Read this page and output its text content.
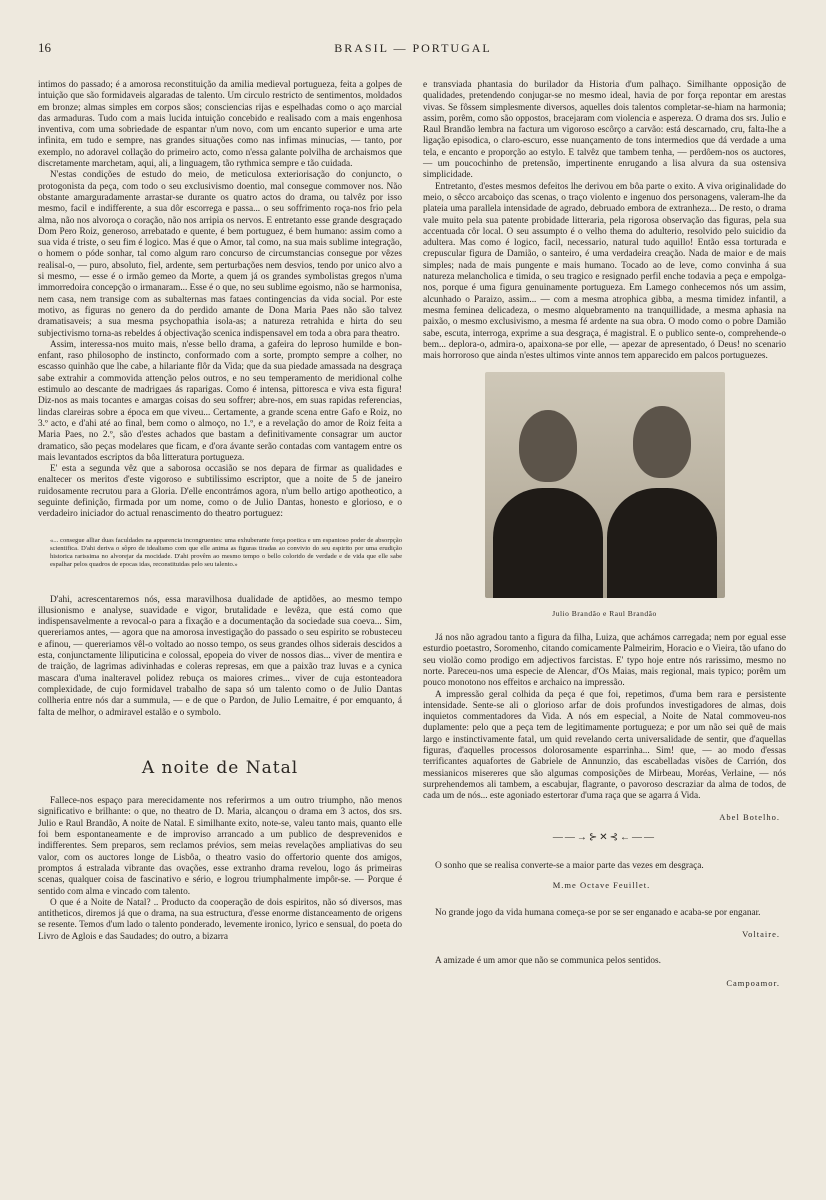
16	BRASIL — PORTUGAL

intimos do passado; é a amorosa reconstituição da amilia medieval portugueza, feita a golpes de intuição que são formidaveis algaradas de talento. Um circulo restricto de sentimentos, moldados em bronze; almas simples em corpos sãos; consciencias rijas e espelhadas como o aço marcial das armaduras. Tudo com a mais lucida intuição concebido e realisado com a mais engenhosa inventiva, com uma sobriedade de espantar n'um novo, com um encanto superior e uma arte infinita, em tudo e sempre, nas grandes situações como nas infimas minucias, — tanto, por exemplo, no adoravel collação do primeiro acto, como n'essa galante polvilha de archaismos que discretamente marchetam, aqui, ali, a linguagem, tão rythmica sempre e tão cuidada.

N'estas condições de estudo do meio, de meticulosa exteriorisação do conjuncto, o protogonista da peça, com todo o seu exclusivismo doentio, mal consegue commover nos. Não obstante amarguradamente arrastar-se durante os quatro actos do drama, ou talvêz por isso mesmo, facil e indifferente, a sua dôr escorrega e passa... o seu soffrimento roça-nos frio pela alma, não nos alvoroça o coração, não nos arripia os nervos. E entretanto esse grande desgraçado Dom Pero Roiz, generoso, arrebatado e quente, é bem portuguez, é bem humano: assim como a sua vida é triste, o seu fim é logico. Mas é que o Amor, tal como, na sua mais sublime integração, o homem o póde sonhar, tal como algum raro concurso de circumstancias consegue por vêzes realisal-o, — puro, absoluto, fiel, ardente, sem perturbações nem desvios, tendo por unico alvo a si mesmo, — esse é o irmão gemeo da Morte, a quem já os grandes symbolistas gregos n'uma immorredoira concepção o irmanaram... Esse é o que, no seu sublime egoismo, não se harmonisa, nem casa, nem transige com as subalternas mas fataes contingencias da vida social. Por este motivo, as figuras no genero da do perdido amante de Dona Maria Paes não são talvez dramatisaveis; a sua mesma psychopathia isola-as; a natureza retrahida e hirta do seu subjectivismo torna-as rebeldes á objectivação scenica indispensavel em toda a obra para theatro.

Assim, interessa-nos muito mais, n'esse bello drama, a gafeira do leproso humilde e bon-enfant, raso philosopho de instincto, conformado com a sorte, prompto sempre a colher, no escasso quinhão que lhe cabe, a hilariante flôr da Vida; que da sua piedade amassada na desgraça sabe extrahir a commovida attenção pelos outros, e no seu temperamento de meridional colhe estimulo ao descante de madrigaes ás raparigas. Como é intensa, pittoresca e viva esta figura! Diz-nos as mais tocantes e amargas coisas do seu soffrer; abre-nos, em suas rapidas referencias, lindas clareiras sobre a época em que viveu... Certamente, a grande scena entre Gafo e Roiz, no 3.º acto, e d'ahi até ao final, bem como o almoço, no 1.º, e a revelação do amor de Roiz feita a Maria Paes, no 2.º, são d'estes achados que bastam a definitivamente consagrar um auctor dramatico, são peças modelares que ficam, e d'ora ávante serão contadas com vantagem entre os mais levantados escriptos da bôa litteratura portugueza.

E' esta a segunda vêz que a saborosa occasião se nos depara de firmar as qualidades e enaltecer os meritos d'este vigoroso e subtilissimo escriptor, que a noite de 5 de janeiro ruidosamente recrutou para a Gloria. D'elle encontrámos agora, n'um bello artigo apotheotico, a seguinte definição, firmada por um nome, como o de Julio Dantas, honesto e glorioso, e o verdadeiro iniciador do actual renascimento do theatro portuguez:

«... consegue alliar duas faculdades na apparencia incongruentes: uma exhuberante força poetica e um espantoso poder de absorpção scientifica. D'ahi deriva o sôpro de idealismo com que elle anima as figuras tiradas ao convivio do seu espirito por uma erudição historica rarissima no alvorejar da mocidade. D'ahi provêm ao mesmo tempo o bello colorido de verdade e de vida que elle sabe espalhar pelos quadros de epocas idas, reconstituidas pelo seu talento.»

D'ahi, acrescentaremos nós, essa maravilhosa dualidade de aptidões, ao mesmo tempo illusionismo e analyse, suavidade e vigor, brutalidade e levêza, que está como que indispensavelmente a revocal-o para a fixação e a documentação da sociedade sua coeva... Sim, quereriamos antes, — agora que na amorosa investigação do passado o seu espirito se robusteceu e afinou, — quereriamos vêl-o voltado ao nosso tempo, os seus grandes olhos siderais descidos a esta, conjunctamente liliputicina e colossal, epopeia do viver de nossos dias... viver de mentira e de traição, de lagrimas adivinhadas e coleras represas, em que a paixão traz luvas e a cynica mascara d'uma inalteravel polidez rebuça os maiores crimes... viver de cuja estonteadora complexidade, de cujo formidavel trabalho de sapa só um talento como o de Julio Dantas collheria entre nós dar a summula, — e de que o Pardon, de Julio Lemaitre, é por emquanto, á falta de melhor, o admiravel estalão e o symbolo.

A noite de Natal

Fallece-nos espaço para merecidamente nos referirmos a um outro triumpho, não menos significativo e brilhante: o que, no theatro de D. Maria, alcançou o drama em 3 actos, dos srs. Julio e Raul Brandão, A noite de Natal. E similhante exito, note-se, valeu tanto mais, quanto elle foi bem espontaneamente e de improviso arrancado a um publico de desprevenidos e indifferentes. Sem preparos, sem reclamos prévios, sem meias revelações ampliativas do seu valor, com os auctores longe de Lisbôa, o theatro vasio do offertorio quente dos amigos, promptos á estralada vibrante das ovações, esse extranho drama revelou, logo ás primeiras scenas, qualquer coisa de fascinativo e sério, e logrou triumphalmente impôr-se. — Porque é sentido com alma e vincado com talento.

O que é a Noite de Natal? .. Producto da cooperação de dois espiritos, não só diversos, mas antitheticos, diremos já que o drama, na sua estructura, d'esse enorme distanceamento de origens se resente. Temos d'um lado o talento ponderado, levemente ironico, lyrico e sensual, do poeta do Livro de Aglois e das Saudades; do outro, a bizarra

e transviada phantasia do burilador da Historia d'um palhaço. Similhante opposição de qualidades, pretendendo conjugar-se no mesmo ideal, havia de por força repontar em arestas vivas. Se fôssem simplesmente diversos, aquelles dois talentos completar-se-hiam na harmonia; assim, porêm, como são oppostos, bracejaram com violencia e aspereza. O drama dos srs. Julio e Raul Brandão lembra na factura um vigoroso escôrço a carvão: está descarnado, cru, falta-lhe a ligação episodica, o claro-escuro, esse nuançamento de tons intermedios que dá verdade a uma tela, e encanto e proporção ao estylo. E talvêz que tambem tenha, — perdôem-nos os auctores, — um poucochinho de pretensão, impertinente enrugando a lisa alvura da sua ostensiva simplicidade.

Entretanto, d'estes mesmos defeitos lhe derivou em bôa parte o exito. A viva originalidade do meio, o sêcco arcaboiço das scenas, o traço violento e ingenuo dos personagens, valeram-lhe da plateia uma parallela intensidade de agrado, debruado embora de extranheza... De resto, o drama vale muito pela sua patente probidade litteraria, pela rigorosa observação das figuras, pela sua accentuada côr local. O seu assumpto é o velho thema do adulterio, resolvido pelo suicidio da adultera. Mas como é logico, facil, necessario, natural tudo aquillo! Então essa torturada e crepuscular figura de Damião, o santeiro, é uma verdadeira creação. Nada de maior e de mais simples; nada de mais pungente e mais humano. Tocado ao de leve, como convinha á sua natureza melancholica e timida, o seu tragico e resignado perfil enche todavia a peça e empolga-nos, porque é uma figura genuinamente portugueza. Em Lamego conhecemos nós um assim, alcunhado o Paraizo, assim... — com a mesma atrophica gibba, a mesma timidez infantil, a mesma feminea delicadeza, o mesmo alquebramento na tranquillidade, a mesma aphasia na paixão, o mesmo exclusivismo, a mesma fé ardente na sua obra. O modo como o pobre Damião sabe, escuta, interroga, exprime a sua desgraça, é magistral. E o publico sente-o, comprehende-o bem... deplora-o, admira-o, apaixona-se por elle, — apezar de apresentado, ó Deus! no scenario mais horroroso que ainda n'estes ultimos vinte annos tem apparecido em palcos portuguezes.

Julio Brandão e Raul Brandão

Já nos não agradou tanto a figura da filha, Luiza, que achámos carregada; nem por egual esse esturdio poetastro, Soromenho, citando comicamente Palmeirim, Horacio e o Vieira, tão ufano do seu violão como prodigo em adjectivos farcistas. E' typo hoje entre nós rarissimo, mesmo no norte. Pareceu-nos uma especie de Alencar, d'Os Maias, mais regional, mais typico; porêm um pouco monotono nos effeitos e archaico na impressão.

A impressão geral colhida da peça é que foi, repetimos, d'uma bem rara e persistente intensidade. Sente-se ali o glorioso arfar de dois profundos investigadores de almas, dois inquietos commentadores da Vida. A nós em especial, a Noite de Natal commoveu-nos duplamente: pelo que a peça tem de legitimamente portugueza; e por um não sei quê de mais largo e instinctivamente fatal, um quid revelando certa universalidade de sentir, que d'aquellas figuras, d'aquelles processos dolorosamente esparrinha... Sim! que, — ao modo d'essas terrificantes aquafortes de Gabriele de Annunzio, das escabelladas visões de Carrión, dos messianicos misereres que são algumas composições de Mirbeau, Moréas, Verlaine, — nós surprehendemos ali tambem, a escabujar, flagrante, o pavoroso descraziar da alma de todos, de cada um de nós... este agoniado estertorar d'uma raça que se agarra á Vida.

Abel Botelho.
——→⊱✕⊰←——

O sonho que se realisa converte-se a maior parte das vezes em desgraça.

M.me Octave Feuillet.

No grande jogo da vida humana começa-se por se ser enganado e acaba-se por enganar.

Voltaire.

A amizade é um amor que não se communica pelos sentidos.

Campoamor.
